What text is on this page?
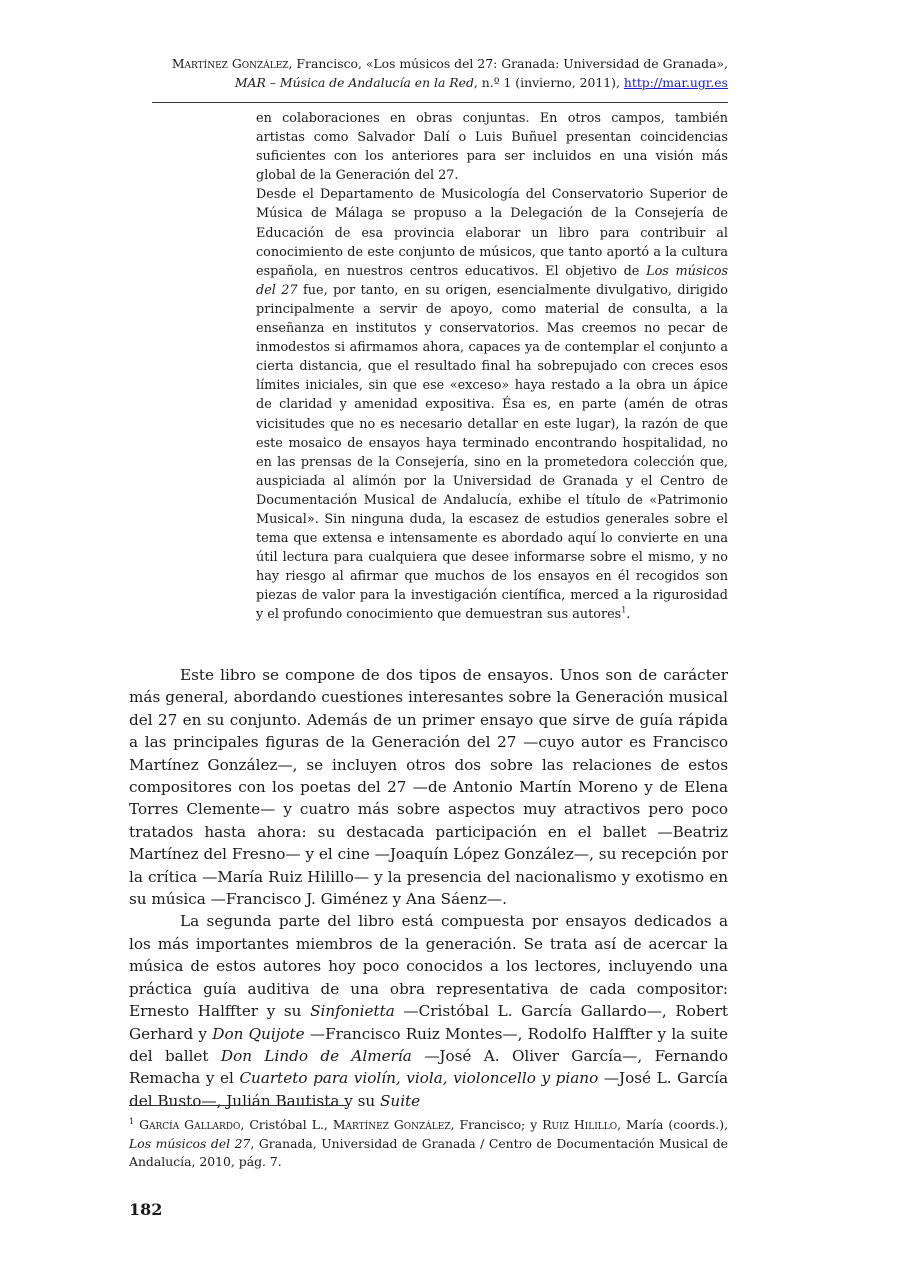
Martínez González, Francisco, «Los músicos del 27: Granada: Universidad de Granada»,
MAR – Música de Andalucía en la Red, n.º 1 (invierno, 2011), http://mar.ugr.es

en colaboraciones en obras conjuntas. En otros campos, también artistas como Salvador Dalí o Luis Buñuel presentan coincidencias suficientes con los anteriores para ser incluidos en una visión más global de la Generación del 27.

Desde el Departamento de Musicología del Conservatorio Superior de Música de Málaga se propuso a la Delegación de la Consejería de Educación de esa provincia elaborar un libro para contribuir al conocimiento de este conjunto de músicos, que tanto aportó a la cultura española, en nuestros centros educativos. El objetivo de Los músicos del 27 fue, por tanto, en su origen, esencialmente divulgativo, dirigido principalmente a servir de apoyo, como material de consulta, a la enseñanza en institutos y conservatorios. Mas creemos no pecar de inmodestos si afirmamos ahora, capaces ya de contemplar el conjunto a cierta distancia, que el resultado final ha sobrepujado con creces esos límites iniciales, sin que ese «exceso» haya restado a la obra un ápice de claridad y amenidad expositiva. Ésa es, en parte (amén de otras vicisitudes que no es necesario detallar en este lugar), la razón de que este mosaico de ensayos haya terminado encontrando hospitalidad, no en las prensas de la Consejería, sino en la prometedora colección que, auspiciada al alimón por la Universidad de Granada y el Centro de Documentación Musical de Andalucía, exhibe el título de «Patrimonio Musical». Sin ninguna duda, la escasez de estudios generales sobre el tema que extensa e intensamente es abordado aquí lo convierte en una útil lectura para cualquiera que desee informarse sobre el mismo, y no hay riesgo al afirmar que muchos de los ensayos en él recogidos son piezas de valor para la investigación científica, merced a la rigurosidad y el profundo conocimiento que demuestran sus autores$^1$.

Este libro se compone de dos tipos de ensayos. Unos son de carácter más general, abordando cuestiones interesantes sobre la Generación musical del 27 en su conjunto. Además de un primer ensayo que sirve de guía rápida a las principales figuras de la Generación del 27 —cuyo autor es Francisco Martínez González—, se incluyen otros dos sobre las relaciones de estos compositores con los poetas del 27 —de Antonio Martín Moreno y de Elena Torres Clemente— y cuatro más sobre aspectos muy atractivos pero poco tratados hasta ahora: su destacada participación en el ballet —Beatriz Martínez del Fresno— y el cine —Joaquín López González—, su recepción por la crítica —María Ruiz Hilillo— y la presencia del nacionalismo y exotismo en su música —Francisco J. Giménez y Ana Sáenz—.

La segunda parte del libro está compuesta por ensayos dedicados a los más importantes miembros de la generación. Se trata así de acercar la música de estos autores hoy poco conocidos a los lectores, incluyendo una práctica guía auditiva de una obra representativa de cada compositor: Ernesto Halffter y su Sinfonietta —Cristóbal L. García Gallardo—, Robert Gerhard y Don Quijote —Francisco Ruiz Montes—, Rodolfo Halffter y la suite del ballet Don Lindo de Almería —José A. Oliver García—, Fernando Remacha y el Cuarteto para violín, viola, violoncello y piano —José L. García del Busto—, Julián Bautista y su Suite

$^1$ García Gallardo, Cristóbal L., Martínez González, Francisco; y Ruiz Hilillo, María (coords.), Los músicos del 27, Granada, Universidad de Granada / Centro de Documentación Musical de Andalucía, 2010, pág. 7.
182
